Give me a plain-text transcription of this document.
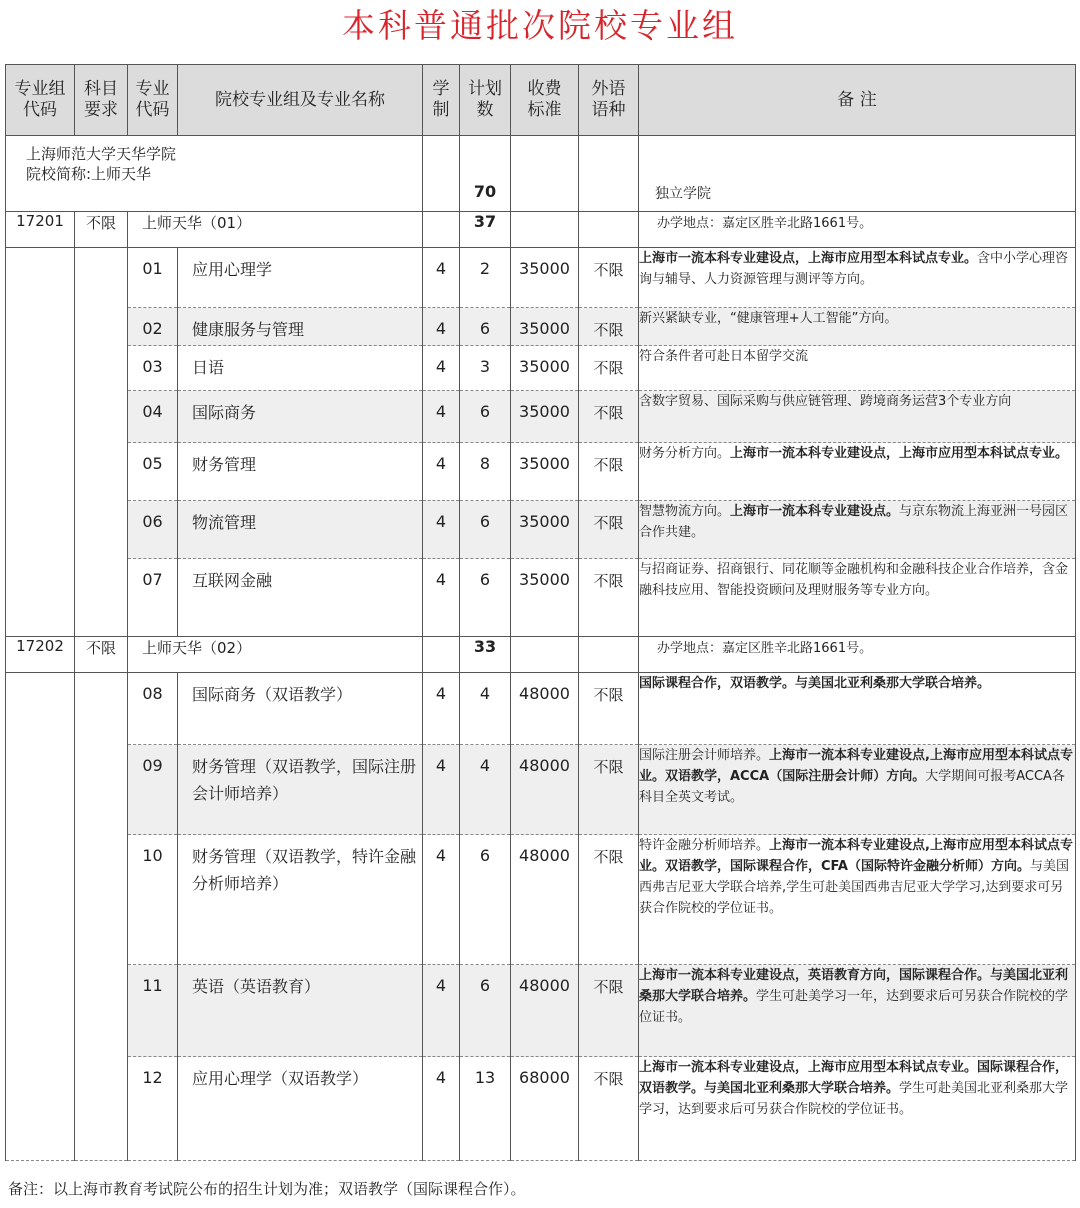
本科普通批次院校专业组
专业组代码	科目要求	专业代码	院校专业组及专业名称	学制	计划数	收费标准	外语语种	备 注

上海师范大学天华学院
院校简称:上师天华					70			独立学院
17201	不限	上师天华（01）			37			办学地点：嘉定区胜辛北路1661号。

		01	应用心理学	4	2	35000	不限	上海市一流本科专业建设点，上海市应用型本科试点专业。含中小学心理咨询与辅导、人力资源管理与测评等方向。

		02	健康服务与管理	4	6	35000	不限	新兴紧缺专业，“健康管理+人工智能”方向。

		03	日语	4	3	35000	不限	符合条件者可赴日本留学交流

		04	国际商务	4	6	35000	不限	含数字贸易、国际采购与供应链管理、跨境商务运营3个专业方向

		05	财务管理	4	8	35000	不限	财务分析方向。上海市一流本科专业建设点，上海市应用型本科试点专业。

		06	物流管理	4	6	35000	不限	智慧物流方向。上海市一流本科专业建设点。与京东物流上海亚洲一号园区合作共建。

		07	互联网金融	4	6	35000	不限	与招商证券、招商银行、同花顺等金融机构和金融科技企业合作培养，含金融科技应用、智能投资顾问及理财服务等专业方向。
17202	不限	上师天华（02）			33			办学地点：嘉定区胜辛北路1661号。

		08	国际商务（双语教学）	4	4	48000	不限	国际课程合作，双语教学。与美国北亚利桑那大学联合培养。

		09	财务管理（双语教学，国际注册会计师培养）	4	4	48000	不限	国际注册会计师培养。上海市一流本科专业建设点,上海市应用型本科试点专业。双语教学，ACCA（国际注册会计师）方向。大学期间可报考ACCA各科目全英文考试。

		10	财务管理（双语教学，特许金融分析师培养）	4	6	48000	不限	特许金融分析师培养。上海市一流本科专业建设点,上海市应用型本科试点专业。双语教学，国际课程合作，CFA（国际特许金融分析师）方向。与美国西弗吉尼亚大学联合培养,学生可赴美国西弗吉尼亚大学学习,达到要求可另获合作院校的学位证书。

		11	英语（英语教育）	4	6	48000	不限	上海市一流本科专业建设点，英语教育方向，国际课程合作。与美国北亚利桑那大学联合培养。学生可赴美学习一年，达到要求后可另获合作院校的学位证书。

		12	应用心理学（双语教学）	4	13	68000	不限	上海市一流本科专业建设点，上海市应用型本科试点专业。国际课程合作，双语教学。与美国北亚利桑那大学联合培养。学生可赴美国北亚利桑那大学学习，达到要求后可另获合作院校的学位证书。
备注：以上海市教育考试院公布的招生计划为准；双语教学（国际课程合作）。
